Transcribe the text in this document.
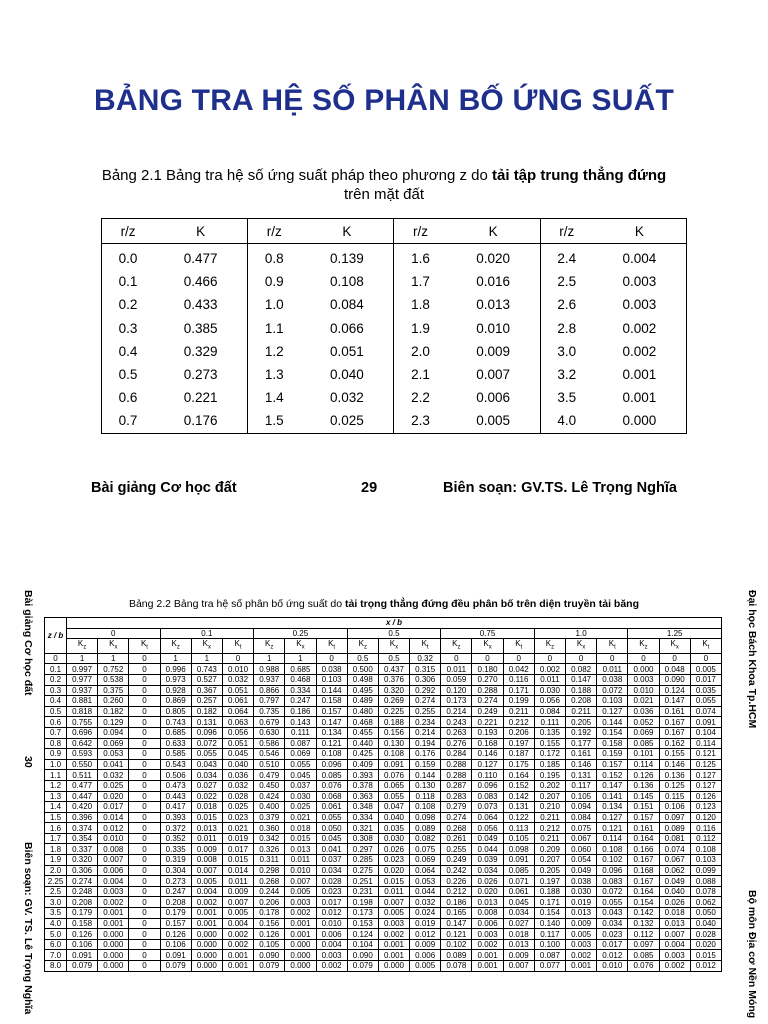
BẢNG TRA HỆ SỐ PHÂN BỐ ỨNG SUẤT
Bảng 2.1 Bảng tra hệ số ứng suất pháp theo phương z do tải tập trung thẳng đứng
trên mặt đất
r/z	K	r/z	K	r/z	K	r/z	K
0.0	0.477	0.8	0.139	1.6	0.020	2.4	0.004
0.1	0.466	0.9	0.108	1.7	0.016	2.5	0.003
0.2	0.433	1.0	0.084	1.8	0.013	2.6	0.003
0.3	0.385	1.1	0.066	1.9	0.010	2.8	0.002
0.4	0.329	1.2	0.051	2.0	0.009	3.0	0.002
0.5	0.273	1.3	0.040	2.1	0.007	3.2	0.001
0.6	0.221	1.4	0.032	2.2	0.006	3.5	0.001
0.7	0.176	1.5	0.025	2.3	0.005	4.0	0.000
Bài giảng Cơ học đất	29	Biên soạn: GV.TS. Lê Trọng Nghĩa
Bảng 2.2 Bảng tra hệ số phân bố ứng suất do tải trọng thẳng đứng đều phân bố trên diện truyền tải băng
z / b	x / b																				
	0			0.1			0.25			0.5			0.75			1.0			1.25		
	$K_z$	$K_x$	$K_t$	$K_z$	$K_x$	$K_t$	$K_z$	$K_x$	$K_t$	$K_z$	$K_x$	$K_t$	$K_z$	$K_x$	$K_t$	$K_z$	$K_x$	$K_t$	$K_z$	$K_x$	$K_t$
0	1	1	0	1	1	0	1	1	0	0.5	0.5	0.32	0	0	0	0	0	0	0	0	0
0.1	0.997	0.752	0	0.996	0.743	0.010	0.988	0.685	0.038	0.500	0.437	0.315	0.011	0.180	0.042	0.002	0.082	0.011	0.000	0.048	0.005
0.2	0.977	0.538	0	0.973	0.527	0.032	0.937	0.468	0.103	0.498	0.376	0.306	0.059	0.270	0.116	0.011	0.147	0.038	0.003	0.090	0.017
0.3	0.937	0.375	0	0.928	0.367	0.051	0.866	0.334	0.144	0.495	0.320	0.292	0.120	0.288	0.171	0.030	0.188	0.072	0.010	0.124	0.035
0.4	0.881	0.260	0	0.869	0.257	0.061	0.797	0.247	0.158	0.489	0.269	0.274	0.173	0.274	0.199	0.056	0.208	0.103	0.021	0.147	0.055
0.5	0.818	0.182	0	0.805	0.182	0.064	0.735	0.186	0.157	0.480	0.225	0.255	0.214	0.249	0.211	0.084	0.211	0.127	0.036	0.161	0.074
0.6	0.755	0.129	0	0.743	0.131	0.063	0.679	0.143	0.147	0.468	0.188	0.234	0.243	0.221	0.212	0.111	0.205	0.144	0.052	0.167	0.091
0.7	0.696	0.094	0	0.685	0.096	0.056	0.630	0.111	0.134	0.455	0.156	0.214	0.263	0.193	0.206	0.135	0.192	0.154	0.069	0.167	0.104
0.8	0.642	0.069	0	0.633	0.072	0.051	0.586	0.087	0.121	0.440	0.130	0.194	0.276	0.168	0.197	0.155	0.177	0.158	0.085	0.162	0.114
0.9	0.593	0.053	0	0.585	0.055	0.045	0.546	0.069	0.108	0.425	0.108	0.176	0.284	0.146	0.187	0.172	0.161	0.159	0.101	0.155	0.121
1.0	0.550	0.041	0	0.543	0.043	0.040	0.510	0.055	0.096	0.409	0.091	0.159	0.288	0.127	0.175	0.185	0.146	0.157	0.114	0.146	0.125
1.1	0.511	0.032	0	0.506	0.034	0.036	0.479	0.045	0.085	0.393	0.076	0.144	0.288	0.110	0.164	0.195	0.131	0.152	0.126	0.136	0.127
1.2	0.477	0.025	0	0.473	0.027	0.032	0.450	0.037	0.076	0.378	0.065	0.130	0.287	0.096	0.152	0.202	0.117	0.147	0.136	0.125	0.127
1.3	0.447	0.020	0	0.443	0.022	0.028	0.424	0.030	0.068	0.363	0.055	0.118	0.283	0.083	0.142	0.207	0.105	0.141	0.145	0.115	0.126
1.4	0.420	0.017	0	0.417	0.018	0.025	0.400	0.025	0.061	0.348	0.047	0.108	0.279	0.073	0.131	0.210	0.094	0.134	0.151	0.106	0.123
1.5	0.396	0.014	0	0.393	0.015	0.023	0.379	0.021	0.055	0.334	0.040	0.098	0.274	0.064	0.122	0.211	0.084	0.127	0.157	0.097	0.120
1.6	0.374	0.012	0	0.372	0.013	0.021	0.360	0.018	0.050	0.321	0.035	0.089	0.268	0.056	0.113	0.212	0.075	0.121	0.161	0.089	0.116
1.7	0.354	0.010	0	0.352	0.011	0.019	0.342	0.015	0.045	0.308	0.030	0.082	0.261	0.049	0.105	0.211	0.067	0.114	0.164	0.081	0.112
1.8	0.337	0.008	0	0.335	0.009	0.017	0.326	0.013	0.041	0.297	0.026	0.075	0.255	0.044	0.098	0.209	0.060	0.108	0.166	0.074	0.108
1.9	0.320	0.007	0	0.319	0.008	0.015	0.311	0.011	0.037	0.285	0.023	0.069	0.249	0.039	0.091	0.207	0.054	0.102	0.167	0.067	0.103
2.0	0.306	0.006	0	0.304	0.007	0.014	0.298	0.010	0.034	0.275	0.020	0.064	0.242	0.034	0.085	0.205	0.049	0.096	0.168	0.062	0.099
2.25	0.274	0.004	0	0.273	0.005	0.011	0.268	0.007	0.028	0.251	0.015	0.053	0.226	0.026	0.071	0.197	0.038	0.083	0.167	0.049	0.088
2.5	0.248	0.003	0	0.247	0.004	0.009	0.244	0.005	0.023	0.231	0.011	0.044	0.212	0.020	0.061	0.188	0.030	0.072	0.164	0.040	0.078
3.0	0.208	0.002	0	0.208	0.002	0.007	0.206	0.003	0.017	0.198	0.007	0.032	0.186	0.013	0.045	0.171	0.019	0.055	0.154	0.026	0.062
3.5	0.179	0.001	0	0.179	0.001	0.005	0.178	0.002	0.012	0.173	0.005	0.024	0.165	0.008	0.034	0.154	0.013	0.043	0.142	0.018	0.050
4.0	0.158	0.001	0	0.157	0.001	0.004	0.156	0.001	0.010	0.153	0.003	0.019	0.147	0.006	0.027	0.140	0.009	0.034	0.132	0.013	0.040
5.0	0.126	0.000	0	0.126	0.000	0.002	0.126	0.001	0.006	0.124	0.002	0.012	0.121	0.003	0.018	0.117	0.005	0.023	0.112	0.007	0.028
6.0	0.106	0.000	0	0.106	0.000	0.002	0.105	0.000	0.004	0.104	0.001	0.009	0.102	0.002	0.013	0.100	0.003	0.017	0.097	0.004	0.020
7.0	0.091	0.000	0	0.091	0.000	0.001	0.090	0.000	0.003	0.090	0.001	0.006	0.089	0.001	0.009	0.087	0.002	0.012	0.085	0.003	0.015
8.0	0.079	0.000	0	0.079	0.000	0.001	0.079	0.000	0.002	0.079	0.000	0.005	0.078	0.001	0.007	0.077	0.001	0.010	0.076	0.002	0.012
Bài giảng Cơ học đất
30
Biên soạn: GV. TS. Lê Trọng Nghĩa
Đại học Bách Khoa Tp.HCM
Bộ môn Địa cơ Nền Móng
